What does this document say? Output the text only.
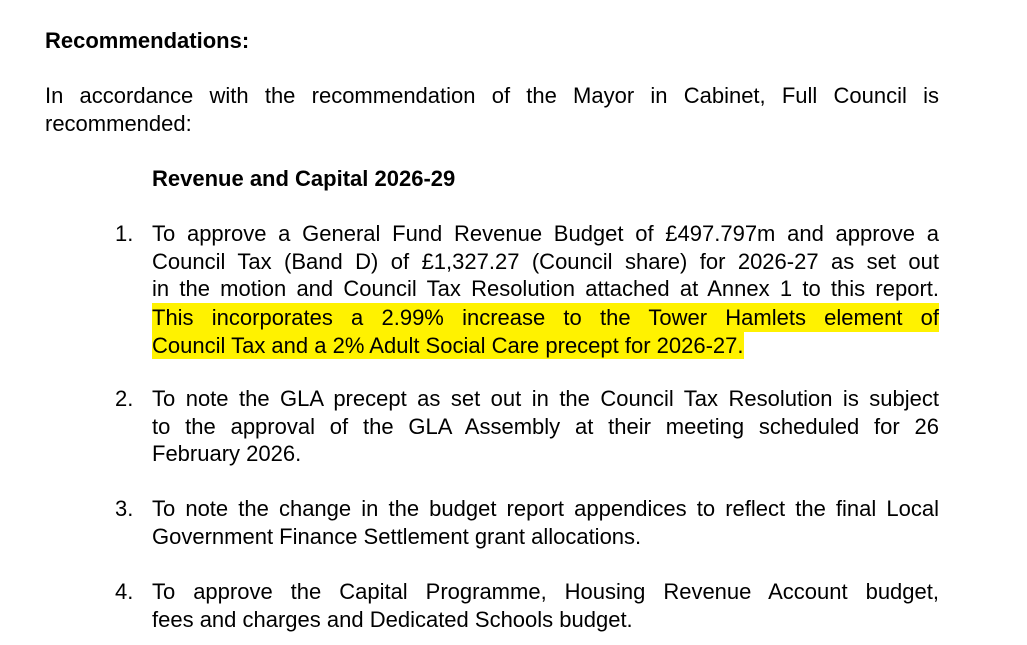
Recommendations:

In accordance with the recommendation of the Mayor in Cabinet, Full Council is recommended:

Revenue and Capital 2026-29

1. To approve a General Fund Revenue Budget of £497.797m and approve a
Council Tax (Band D) of £1,327.27 (Council share) for 2026-27 as set out
in the motion and Council Tax Resolution attached at Annex 1 to this report.
This incorporates a 2.99% increase to the Tower Hamlets element of
Council Tax and a 2% Adult Social Care precept for 2026-27.
2. To note the GLA precept as set out in the Council Tax Resolution is subject
to the approval of the GLA Assembly at their meeting scheduled for 26
February 2026.
3. To note the change in the budget report appendices to reflect the final Local
Government Finance Settlement grant allocations.
4. To approve the Capital Programme, Housing Revenue Account budget,
fees and charges and Dedicated Schools budget.
